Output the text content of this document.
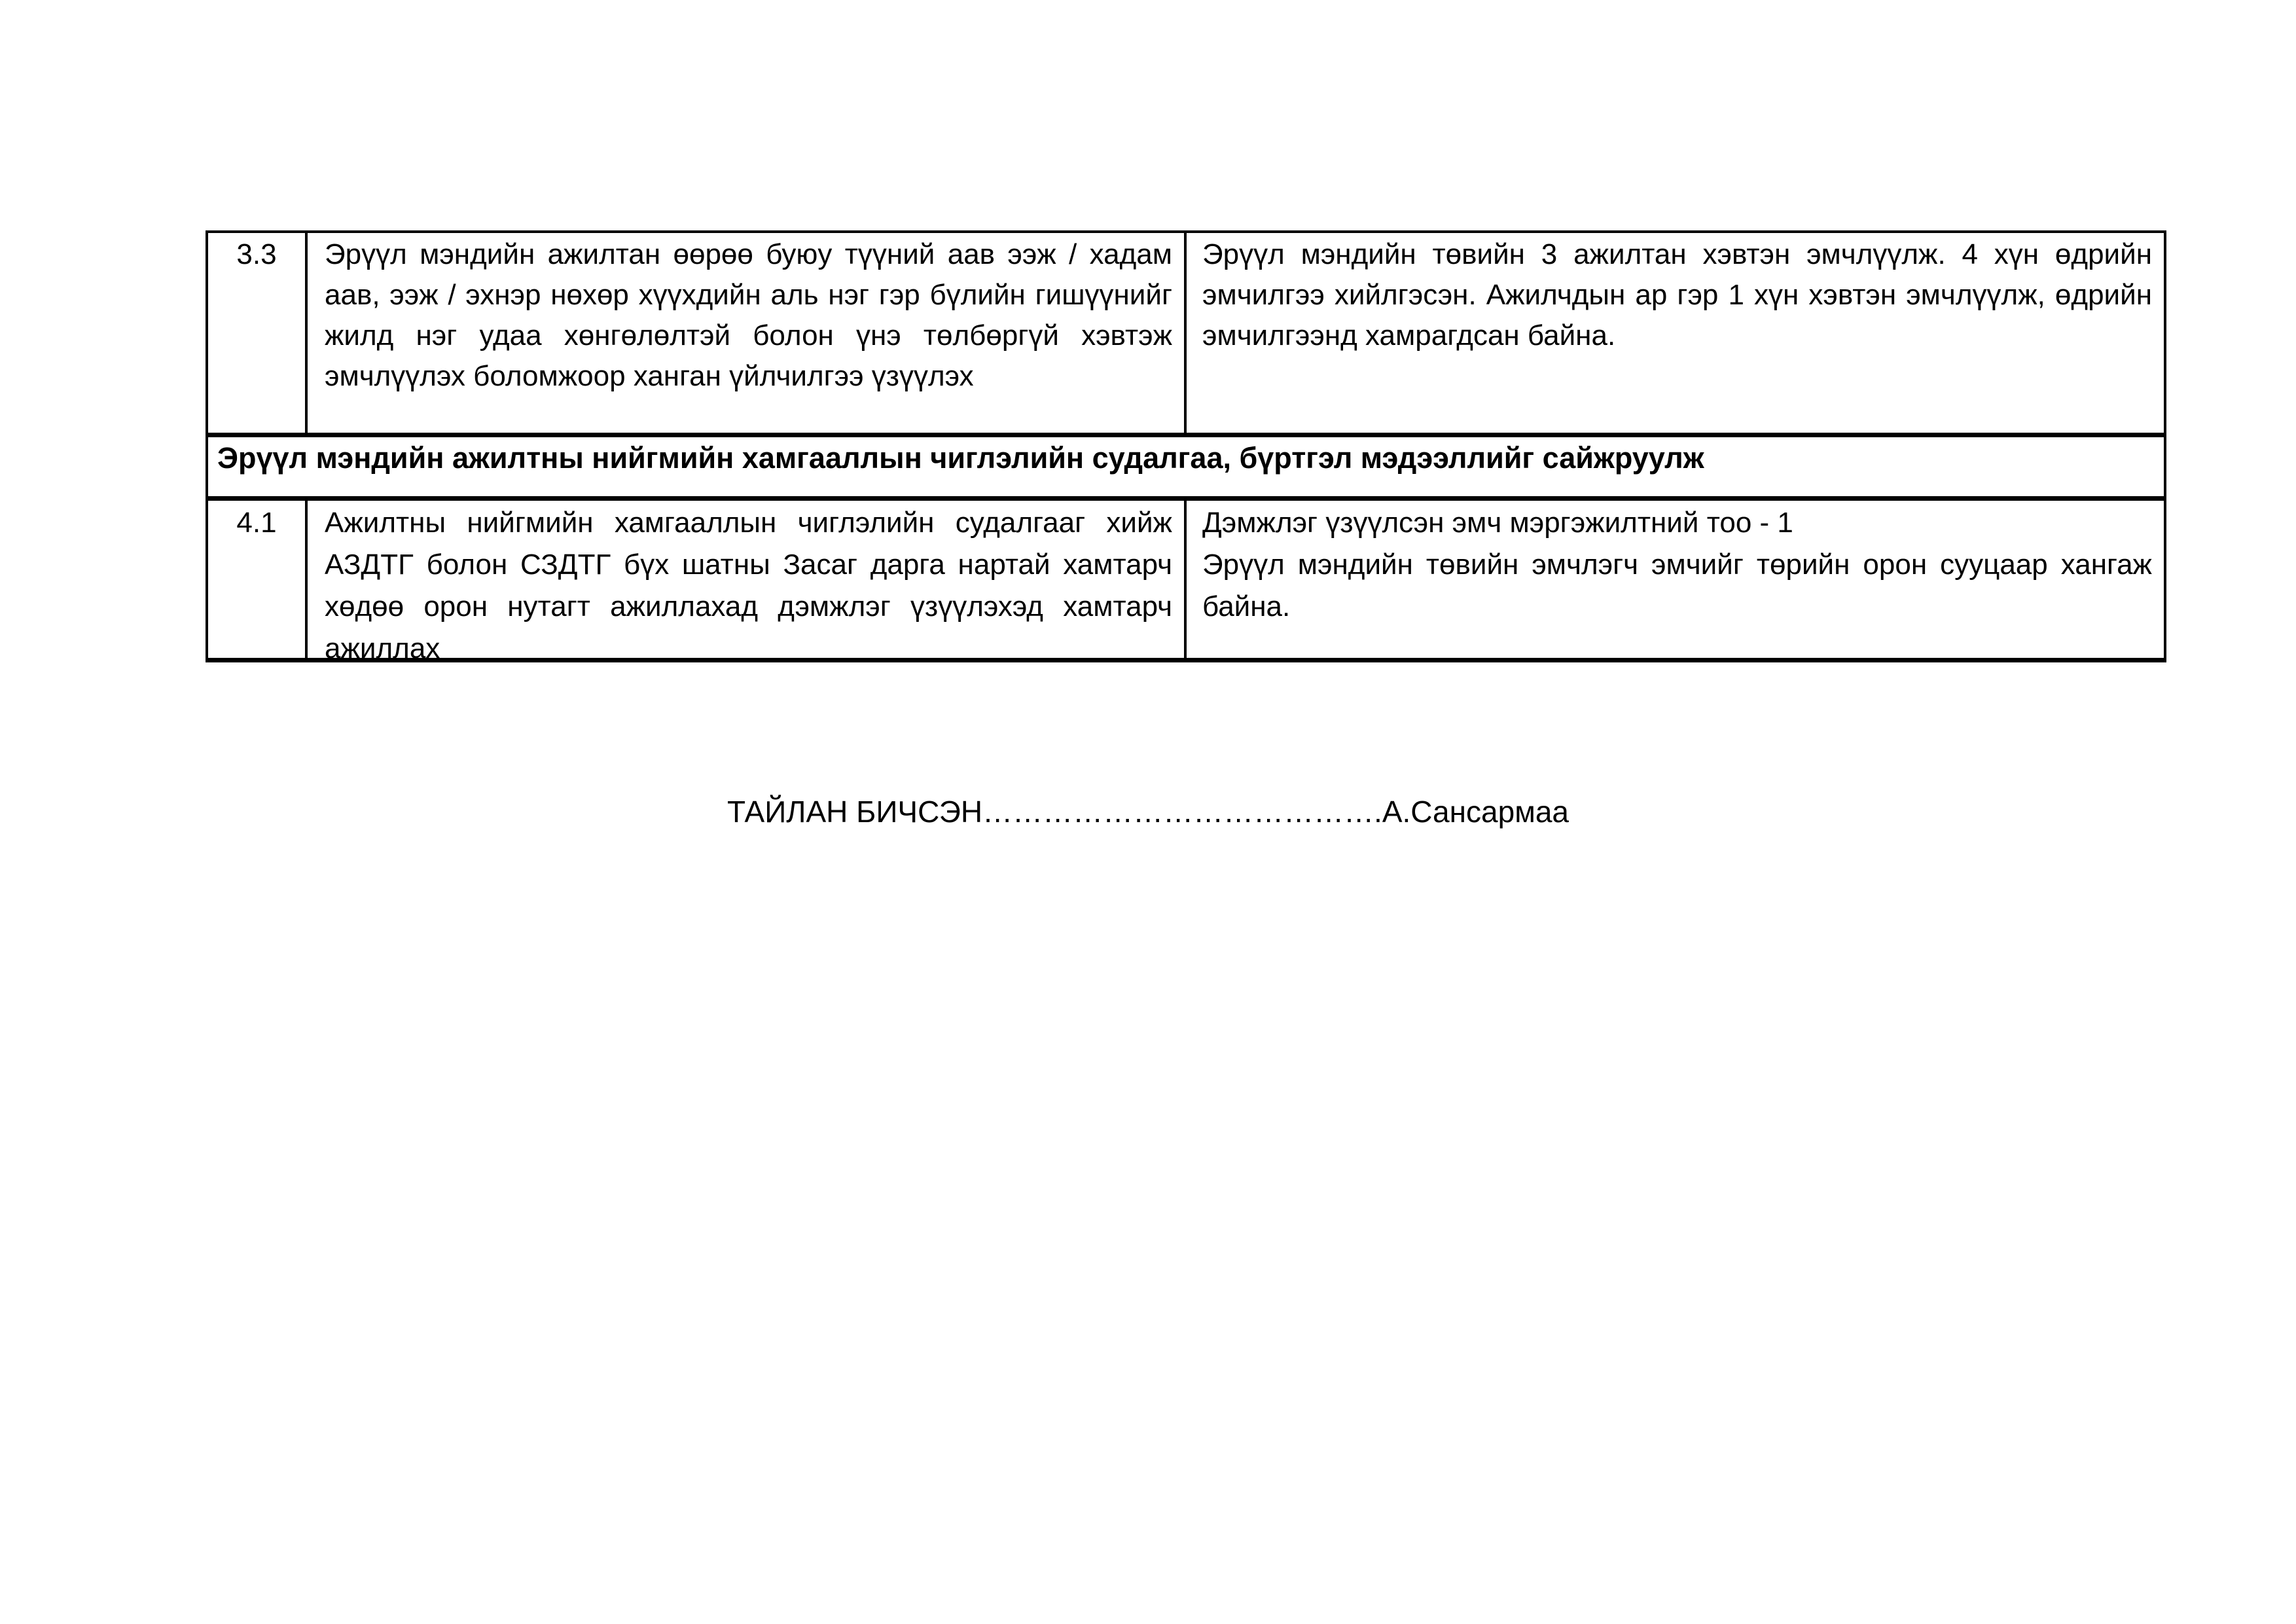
3.3	Эрүүл мэндийн ажилтан өөрөө буюу түүний аав ээж / хадам аав, ээж / эхнэр нөхөр хүүхдийн аль нэг гэр бүлийн гишүүнийг жилд нэг удаа хөнгөлөлтэй болон үнэ төлбөргүй хэвтэж эмчлүүлэх боломжоор ханган үйлчилгээ үзүүлэх
Эрүүл мэндийн төвийн 3 ажилтан хэвтэн эмчлүүлж. 4 хүн өдрийн эмчилгээ хийлгэсэн. Ажилчдын ар гэр 1 хүн хэвтэн эмчлүүлж, өдрийн эмчилгээнд хамрагдсан байна.
Эрүүл мэндийн ажилтны нийгмийн хамгааллын чиглэлийн судалгаа, бүртгэл мэдээллийг сайжруулж
4.1	Ажилтны нийгмийн хамгааллын чиглэлийн судалгааг хийж АЗДТГ болон СЗДТГ бүх шатны Засаг дарга нартай хамтарч хөдөө орон нутагт ажиллахад дэмжлэг үзүүлэхэд хамтарч ажиллах

Дэмжлэг үзүүлсэн эмч мэргэжилтний тоо - 1

Эрүүл мэндийн төвийн эмчлэгч эмчийг төрийн орон сууцаар хангаж байна.

ТАЙЛАН БИЧСЭН………………………………….А.Сансармаа
